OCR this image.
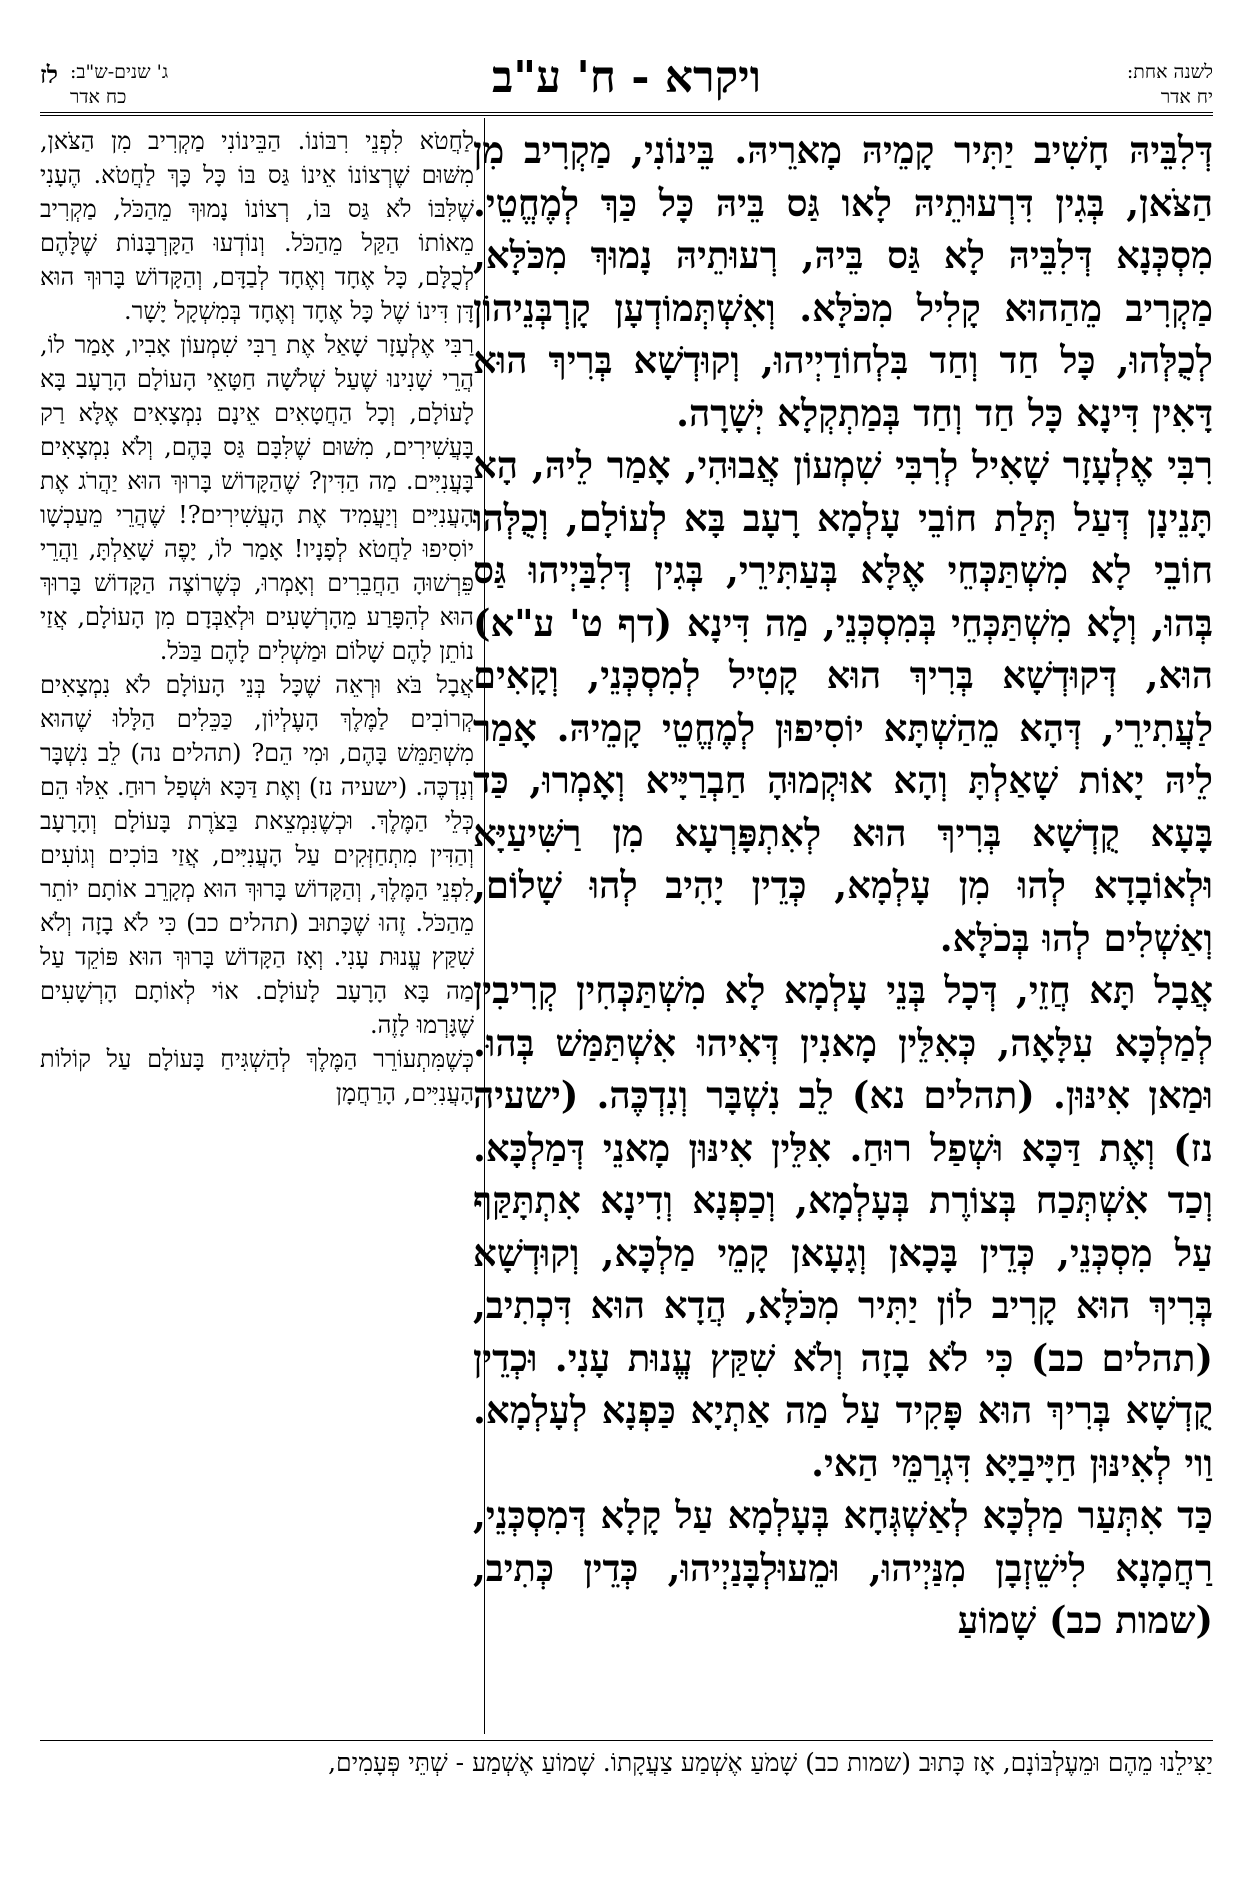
לשנה אחת:
יח אדר
ויקרא - ח' ע"ב
ג' שנים-ש"ב:
כח אדר
לז

דְּלִבֵּיהּ חָשִׁיב יַתִּיר קָמֵיהּ מָארֵיהּ. בֵּינוֹנִי, מַקְרִיב מִן הַצֹּאן, בְּגִין דִּרְעוּתֵיהּ לָאו גַּס בֵּיהּ כָּל כַּךְ לְמֶחֱטֵי. מִסְכְּנָא דְּלִבֵּיהּ לָא גַּס בֵּיהּ, רְעוּתֵיהּ נָמוּךְ מִכֹּלָּא, מַקְרִיב מֵהַהוּא קָלִיל מִכֹּלָּא. וְאִשְׁתְּמוֹדְעָן קָרְבְּנֵיהוֹן לְכֻלְּהוּ, כָּל חַד וְחַד בִּלְחוֹדַיְיהוּ, וְקוּדְשָׁא בְּרִיךְ הוּא דָּאִין דִּינָא כָּל חַד וְחַד בְּמַתְקְלָא יְשָׁרָה.

רִבִּי אֶלְעָזָר שָׁאִיל לְרִבִּי שִׁמְעוֹן אֲבוּהִי, אָמַר לֵיהּ, הָא תָּנֵינָן דְּעַל תְּלַת חוֹבֵי עָלְמָא רָעָב בָּא לְעוֹלָם, וְכֻלְּהוּ חוֹבֵי לָא מִשְׁתַּכְּחֵי אֶלָּא בְּעַתִּירֵי, בְּגִין דְּלִבַּיְיהוּ גַּס בְּהוּ, וְלָא מִשְׁתַּכְּחֵי בְּמִסְכְּנֵי, מַה דִּינָא (דף ט' ע"א) הוּא, דְּקוּדְשָׁא בְּרִיךְ הוּא קָטִיל לְמִסְכְּנֵי, וְקָאִים לַעֲתִירֵי, דְּהָא מֵהַשְׁתָּא יוֹסִיפוּן לְמֶחֱטֵי קָמֵיהּ. אָמַר לֵיהּ יָאוֹת שָׁאַלְתָּ וְהָא אוּקְמוּהָ חַבְרַיָּיא וְאָמְרוּ, כַּד בָּעָא קֻדְשָׁא בְּרִיךְ הוּא לְאִתְפָּרְעָא מִן רַשִּׁיעַיָּא וּלְאוֹבָדָא לְהוּ מִן עָלְמָא, כְּדֵין יָהִיב לְהוּ שָׁלוֹם, וְאַשְׁלִים לְהוּ בְּכֹלָּא.

אֲבָל תָּא חֲזֵי, דְּכָל בְּנֵי עָלְמָא לָא מִשְׁתַּכְּחִין קְרִיבִין לְמַלְכָּא עִלָּאָה, כְּאִלֵּין מָאנִין דְּאִיהוּ אִשְׁתַּמַּשׁ בְּהוּ. וּמַאן אִינּוּן. (תהלים נא) לֵב נִשְׁבָּר וְנִדְכֶּה. (ישעיה נז) וְאֶת דַּכָּא וּשְׁפַל רוּחַ. אִלֵּין אִינּוּן מָאנֵי דְּמַלְכָּא. וְכַד אִשְׁתְּכַח בְּצוֹרֶת בְּעָלְמָא, וְכַפְנָא וְדִינָא אִתְתָּקַּף עַל מִסְכְּנֵי, כְּדֵין בָּכָאן וְגָעָאן קָמֵי מַלְכָּא, וְקוּדְשָׁא בְּרִיךְ הוּא קָרִיב לוֹן יַתִּיר מִכֹּלָּא, הֲדָא הוּא דִּכְתִיב, (תהלים כב) כִּי לֹא בָזָה וְלֹא שִׁקַּץ עֱנוּת עָנִי. וּכְדֵין קֻדְשָׁא בְּרִיךְ הוּא פָּקִיד עַל מַה אַתְיָא כַּפְנָא לְעָלְמָא. וַוי לְאִינּוּן חַיָּיבַיָּא דִּגְרַמֵּי הַאי.

כַּד אִתְּעַר מַלְכָּא לְאַשְׁגְּחָא בְּעָלְמָא עַל קָלָא דְּמִסְכְּנֵי, רַחֲמָנָא לִישֵׁזְבָן מִנַּיְיהוּ, וּמֵעוּלְבָּנַיְיהוּ, כְּדֵין כְּתִיב, (שמות כב) שָׁמוֹעַ

לַחֲטֹא לִפְנֵי רִבּוֹנוֹ. הַבֵּינוֹנִי מַקְרִיב מִן הַצֹּאן, מִשּׁוּם שֶׁרְצוֹנוֹ אֵינוֹ גַּס בּוֹ כָּל כָּךְ לַחֲטֹא. הֶעָנִי שֶׁלִּבּוֹ לֹא גַּס בּוֹ, רְצוֹנוֹ נָמוּךְ מֵהַכֹּל, מַקְרִיב מֵאוֹתוֹ הַקַּל מֵהַכֹּל. וְנוֹדְעוּ הַקָּרְבָּנוֹת שֶׁלָּהֶם לְכֻלָּם, כָּל אֶחָד וְאֶחָד לְבַדָּם, וְהַקָּדוֹשׁ בָּרוּךְ הוּא דָּן דִּינוֹ שֶׁל כָּל אֶחָד וְאֶחָד בְּמִשְׁקָל יָשָׁר.

רַבִּי אֶלְעָזָר שָׁאַל אֶת רַבִּי שִׁמְעוֹן אָבִיו, אָמַר לוֹ, הֲרֵי שָׁנִינוּ שֶׁעַל שְׁלֹשָׁה חַטָּאֵי הָעוֹלָם הָרָעָב בָּא לָעוֹלָם, וְכָל הַחֲטָאִים אֵינָם נִמְצָאִים אֶלָּא רַק בָּעֲשִׁירִים, מִשּׁוּם שֶׁלִּבָּם גַּס בָּהֶם, וְלֹא נִמְצָאִים בָּעֲנִיִּים. מַה הַדִּין? שֶׁהַקָּדוֹשׁ בָּרוּךְ הוּא יַהֲרֹג אֶת הָעֲנִיִּים וְיַעֲמִיד אֶת הָעֲשִׁירִים?! שֶׁהֲרֵי מֵעַכְשָׁו יוֹסִיפוּ לַחֲטֹא לְפָנָיו! אָמַר לוֹ, יָפֶה שָׁאַלְתָּ, וַהֲרֵי פֵּרְשׁוּהָ הַחֲבֵרִים וְאָמְרוּ, כְּשֶׁרוֹצֶה הַקָּדוֹשׁ בָּרוּךְ הוּא לְהִפָּרַע מֵהָרְשָׁעִים וּלְאַבְּדָם מִן הָעוֹלָם, אֲזַי נוֹתֵן לָהֶם שָׁלוֹם וּמַשְׁלִים לָהֶם בַּכֹּל.

אֲבָל בֹּא וּרְאֵה שֶׁכָּל בְּנֵי הָעוֹלָם לֹא נִמְצָאִים קְרוֹבִים לַמֶּלֶךְ הָעֶלְיוֹן, כַּכֵּלִים הַלָּלוּ שֶׁהוּא מִשְׁתַּמֵּשׁ בָּהֶם, וּמִי הֵם? (תהלים נה) לֵב נִשְׁבָּר וְנִדְכֶּה. (ישעיה נז) וְאֶת דַּכָּא וּשְׁפַל רוּחַ. אֵלּוּ הֵם כְּלֵי הַמֶּלֶךְ. וּכְשֶׁנִּמְצֵאת בַּצֹּרֶת בָּעוֹלָם וְהָרָעָב וְהַדִּין מִתְחַזְּקִים עַל הָעֲנִיִּים, אֲזַי בּוֹכִים וְגוֹעִים לִפְנֵי הַמֶּלֶךְ, וְהַקָּדוֹשׁ בָּרוּךְ הוּא מְקָרֵב אוֹתָם יוֹתֵר מֵהַכֹּל. זֶהוּ שֶׁכָּתוּב (תהלים כב) כִּי לֹא בָזָה וְלֹא שִׁקַּץ עֱנוּת עָנִי. וְאָז הַקָּדוֹשׁ בָּרוּךְ הוּא פּוֹקֵד עַל מַה בָּא הָרָעָב לָעוֹלָם. אוֹי לְאוֹתָם הָרְשָׁעִים שֶׁגָּרְמוּ לָזֶה.

כְּשֶׁמִּתְעוֹרֵר הַמֶּלֶךְ לְהַשְׁגִּיחַ בָּעוֹלָם עַל קוֹלוֹת הָעֲנִיִּים, הָרַחֲמָן

יַצִּילֵנוּ מֵהֶם וּמֵעֶלְבּוֹנָם, אָז כָּתוּב (שמות כב) שָׁמֹעַ אֶשְׁמַע צַעֲקָתוֹ. שָׁמוֹעַ אֶשְׁמַע - שְׁתֵּי פְּעָמִים,
